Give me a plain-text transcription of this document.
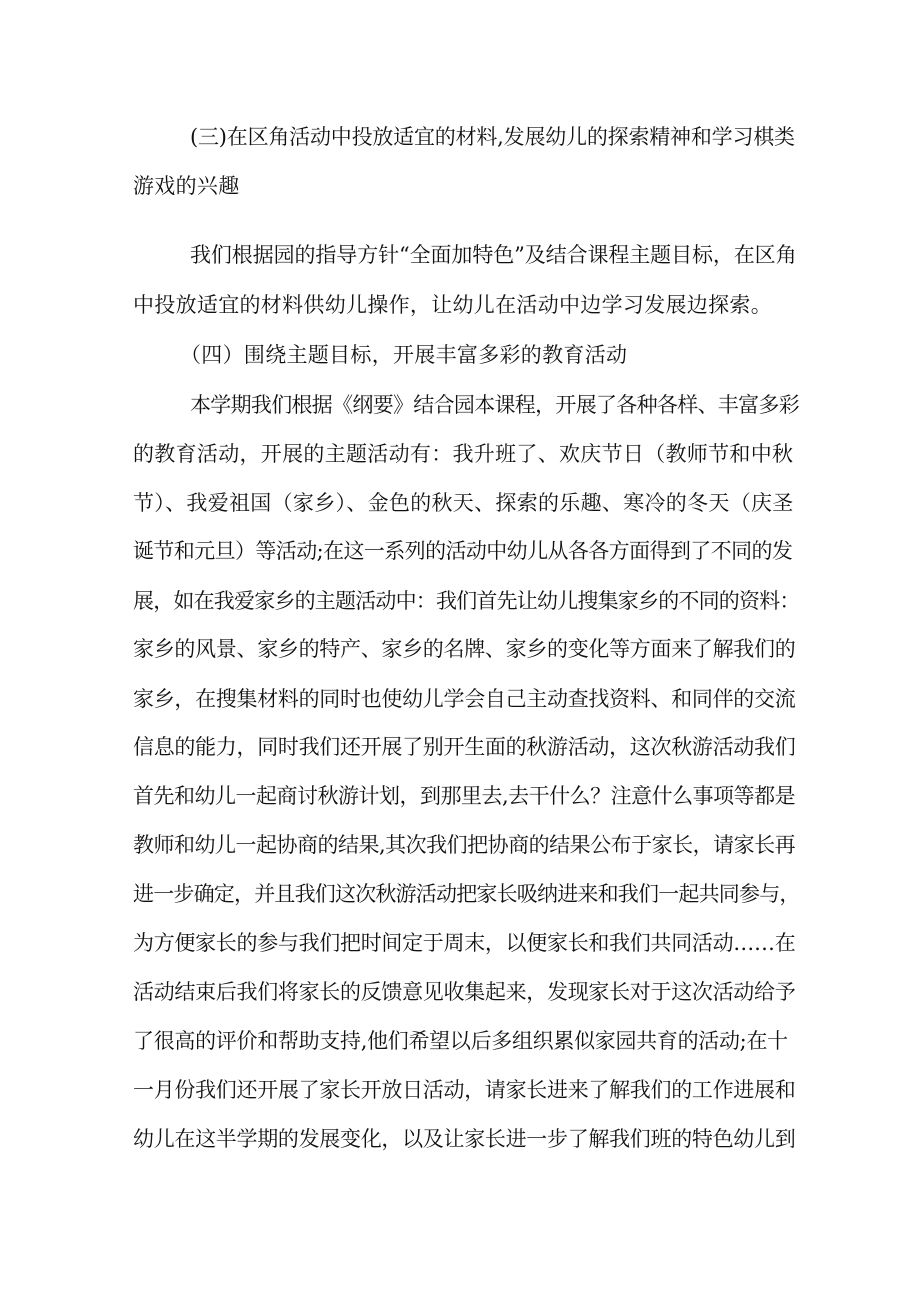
(三)在区角活动中投放适宜的材料,发展幼儿的探索精神和学习棋类
游戏的兴趣
我们根据园的指导方针“全面加特色”及结合课程主题目标，在区角
中投放适宜的材料供幼儿操作，让幼儿在活动中边学习发展边探索。
（四）围绕主题目标，开展丰富多彩的教育活动
本学期我们根据《纲要》结合园本课程，开展了各种各样、丰富多彩
的教育活动，开展的主题活动有：我升班了、欢庆节日（教师节和中秋
节）、我爱祖国（家乡）、金色的秋天、探索的乐趣、寒冷的冬天（庆圣
诞节和元旦）等活动;在这一系列的活动中幼儿从各各方面得到了不同的发
展，如在我爱家乡的主题活动中：我们首先让幼儿搜集家乡的不同的资料：
家乡的风景、家乡的特产、家乡的名牌、家乡的变化等方面来了解我们的
家乡，在搜集材料的同时也使幼儿学会自己主动查找资料、和同伴的交流
信息的能力，同时我们还开展了别开生面的秋游活动，这次秋游活动我们
首先和幼儿一起商讨秋游计划，到那里去,去干什么？注意什么事项等都是
教师和幼儿一起协商的结果,其次我们把协商的结果公布于家长，请家长再
进一步确定，并且我们这次秋游活动把家长吸纳进来和我们一起共同参与，
为方便家长的参与我们把时间定于周末，以便家长和我们共同活动……在
活动结束后我们将家长的反馈意见收集起来，发现家长对于这次活动给予
了很高的评价和帮助支持,他们希望以后多组织累似家园共育的活动;在十
一月份我们还开展了家长开放日活动，请家长进来了解我们的工作进展和
幼儿在这半学期的发展变化，以及让家长进一步了解我们班的特色幼儿到
